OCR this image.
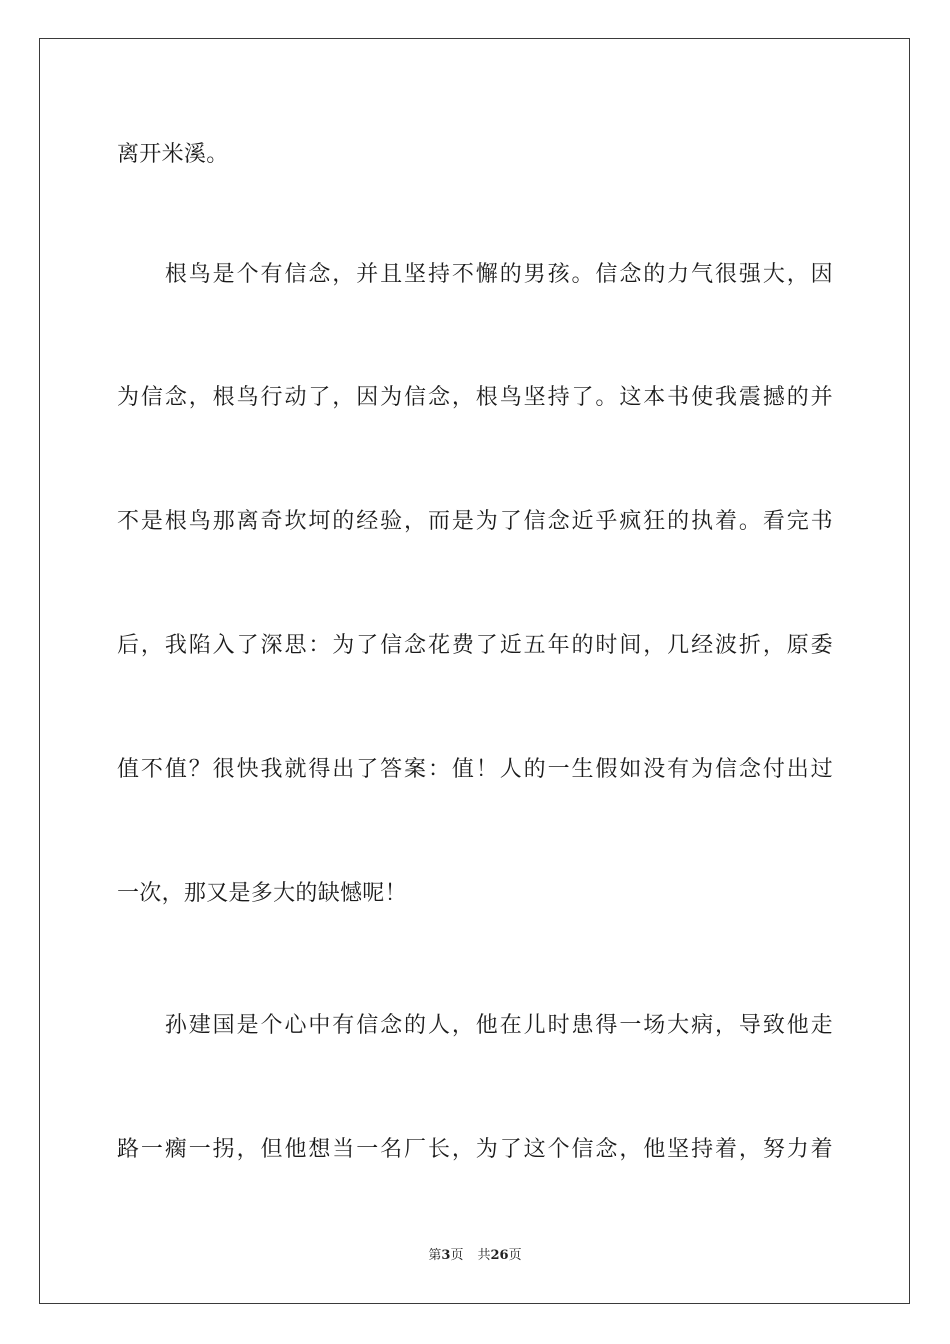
离开米溪。
　　根鸟是个有信念，并且坚持不懈的男孩。信念的力气很强大，因
为信念，根鸟行动了，因为信念，根鸟坚持了。这本书使我震撼的并
不是根鸟那离奇坎坷的经验，而是为了信念近乎疯狂的执着。看完书
后，我陷入了深思：为了信念花费了近五年的时间，几经波折，原委
值不值？很快我就得出了答案：值！人的一生假如没有为信念付出过
一次，那又是多大的缺憾呢！
　　孙建国是个心中有信念的人，他在儿时患得一场大病，导致他走
路一瘸一拐，但他想当一名厂长，为了这个信念，他坚持着，努力着
第3页 共26页
